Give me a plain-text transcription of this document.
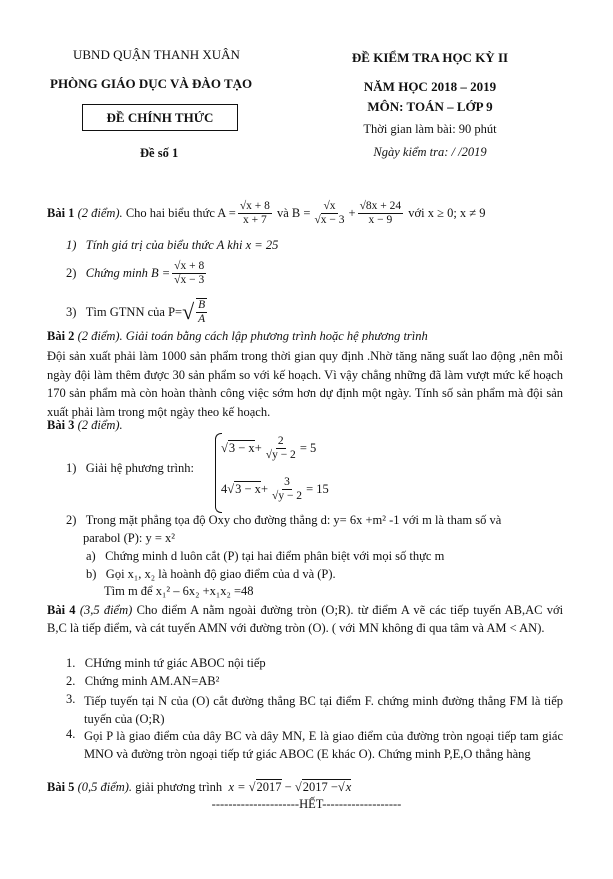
UBND QUẬN THANH XUÂN
PHÒNG GIÁO DỤC VÀ ĐÀO TẠO
ĐỀ CHÍNH THỨC
Đề số 1
ĐỀ KIỂM TRA HỌC KỲ II
NĂM HỌC 2018 – 2019
MÔN: TOÁN – LỚP 9
Thời gian làm bài: 90 phút
Ngày kiểm tra: / /2019
Bài 1
(2 điểm).
Cho hai biểu thức A = √ $\frac{x + 8}{x + 7}$
và B = √ x
√ x − 3 + √ $\frac{8x + 24}{x - 9}$
với x ≥ 0; x ≠ 9
1) Tính giá trị của biểu thức A khi x = 25
2)
Chứng minh B = √ x + 8
√ x − 3
3)
Tìm GTNN của P= √ $\frac{B}{A}$
Bài 2 (2 điểm). Giải toán bằng cách lập phương trình hoặc hệ phương trình
Đội sản xuất phải làm 1000 sản phẩm trong thời gian quy định .Nhờ tăng năng suất lao động ,nên mỗi ngày đội làm thêm được 30 sản phẩm so với kế hoạch. Vì vậy chẳng những đã làm vượt mức kế hoạch 170 sản phẩm mà còn hoàn thành công việc sớm hơn dự định một ngày. Tính số sản phẩm mà đội sản xuất phải làm trong một ngày theo kế hoạch.
Bài 3 (2 điểm).
1) Giải hệ phương trình:
√
3 − x + 2
√ y − 2 = 5
4 √ 3 − x + 3
√ y − 2 = 15
2) Trong mặt phẳng tọa độ Oxy cho đường thẳng d: y= 6x +m² -1 với m là tham số và
parabol (P): y = x²
a) Chứng minh d luôn cắt (P) tại hai điểm phân biệt với mọi số thực m
b) Gọi x₁, x₂ là hoành độ giao điểm của d và (P).
Tìm m để x₁² – 6x₂ +x₁x₂ =48
Bài 4 (3,5 điểm) Cho điểm A nằm ngoài đường tròn (O;R). từ điểm A vẽ các tiếp tuyến AB,AC với B,C là tiếp điểm, và cát tuyến AMN với đường tròn (O). ( với MN không đi qua tâm và AM < AN).
1. CHứng minh tứ giác ABOC nội tiếp
2. Chứng minh AM.AN=AB²
3. Tiếp tuyến tại N của (O) cắt đường thẳng BC tại điểm F. chứng minh đường thẳng FM là tiếp tuyến của (O;R)
4. Gọi P là giao điểm của dây BC và dây MN, E là giao điểm của đường tròn ngoại tiếp tam giác MNO và đường tròn ngoại tiếp tứ giác ABOC (E khác O). Chứng minh P,E,O thẳng hàng
Bài 5
(0,5 điểm).
giải phương trình
x =
√ 2017
−
√ 2017 − √ x
---------------------HẾT-------------------
